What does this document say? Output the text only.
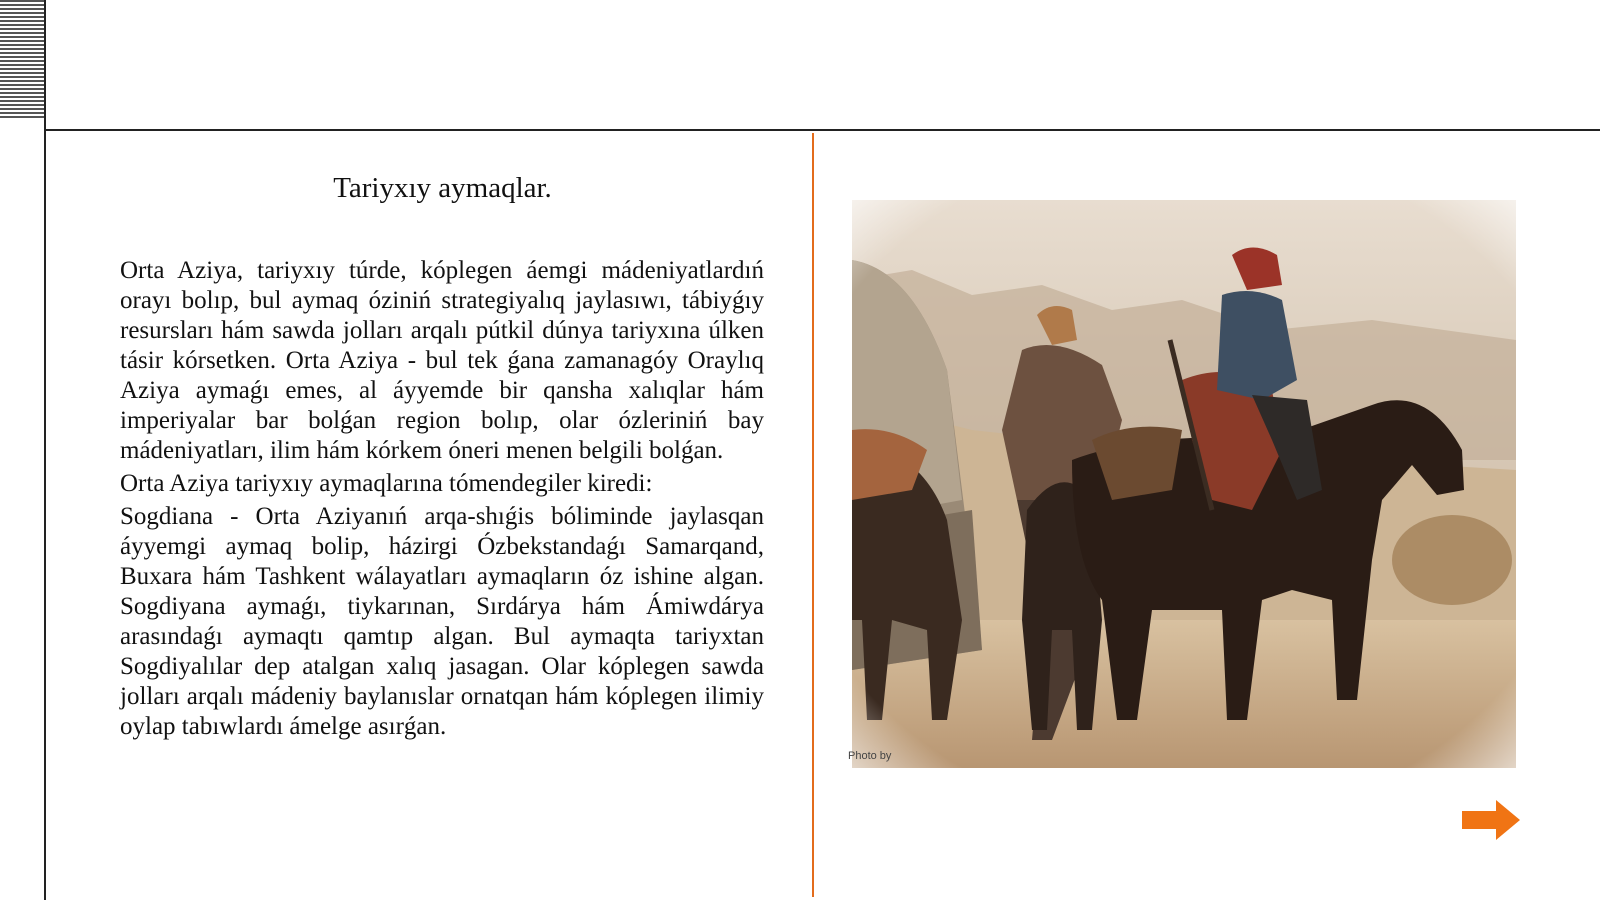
Tariyxıy aymaqlar.

Orta Aziya, tariyxıy túrde, kóplegen áemgi mádeniyatlardıń orayı bolıp, bul aymaq óziniń strategiyalıq jaylasıwı, tábiyǵıy resursları hám sawda jolları arqalı pútkil dúnya tariyxına úlken tásir kórsetken. Orta Aziya - bul tek ǵana zamanagóy Oraylıq Aziya aymaǵı emes, al áyyemde bir qansha xalıqlar hám imperiyalar bar bolǵan region bolıp, olar ózleriniń bay mádeniyatları, ilim hám kórkem óneri menen belgili bolǵan.

Orta Aziya tariyxıy aymaqlarına tómendegiler kiredi:

Sogdiana - Orta Aziyanıń arqa-shıǵis bóliminde jaylasqan áyyemgi aymaq bolip, házirgi Ózbekstandaǵı Samarqand, Buxara hám Tashkent wálayatları aymaqların óz ishine algan. Sogdiyana aymaǵı, tiykarınan, Sırdárya hám Ámiwdárya arasındaǵı aymaqtı qamtıp algan. Bul aymaqta tariyxtan Sogdiyalılar dep atalgan xalıq jasagan. Olar kóplegen sawda jolları arqalı mádeniy baylanıslar ornatqan hám kóplegen ilimiy oylap tabıwlardı ámelge asırǵan.

Photo by
